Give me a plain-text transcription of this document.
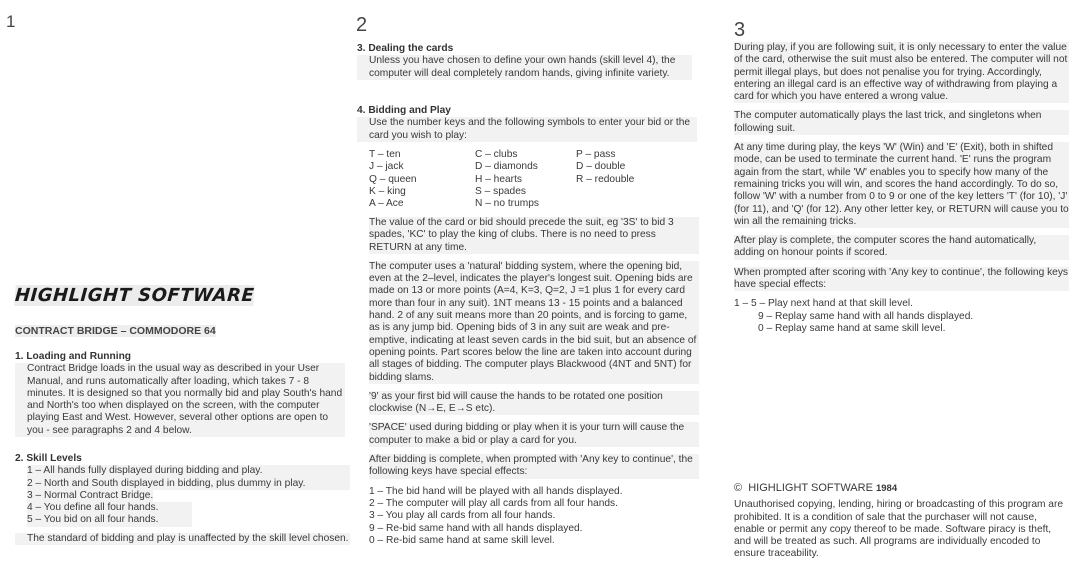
1
HIGHLIGHT SOFTWARE
CONTRACT BRIDGE – COMMODORE 64
1. Loading and Running

Contract Bridge loads in the usual way as described in your User Manual, and runs automatically after loading, which takes 7 - 8 minutes. It is designed so that you normally bid and play South's hand and North's too when displayed on the screen, with the computer playing East and West. However, several other options are open to you - see paragraphs 2 and 4 below.

2. Skill Levels
1 – All hands fully displayed during bidding and play.
2 – North and South displayed in bidding, plus dummy in play.
3 – Normal Contract Bridge.
4 – You define all four hands.
5 – You bid on all four hands.

The standard of bidding and play is unaffected by the skill level chosen.

2
3. Dealing the cards

Unless you have chosen to define your own hands (skill level 4), the computer will deal completely random hands, giving infinite variety.

4. Bidding and Play

Use the number keys and the following symbols to enter your bid or the card you wish to play:

T – ten
J – jack
Q – queen
K – king
A – Ace
C – clubs
D – diamonds
H – hearts
S – spades
N – no trumps
P – pass
D – double
R – redouble

The value of the card or bid should precede the suit, eg '3S' to bid 3 spades, 'KC' to play the king of clubs. There is no need to press RETURN at any time.

The computer uses a 'natural' bidding system, where the opening bid, even at the 2–level, indicates the player's longest suit. Opening bids are made on 13 or more points (A=4, K=3, Q=2, J =1 plus 1 for every card more than four in any suit). 1NT means 13 - 15 points and a balanced hand. 2 of any suit means more than 20 points, and is forcing to game, as is any jump bid. Opening bids of 3 in any suit are weak and pre-emptive, indicating at least seven cards in the bid suit, but an absence of opening points. Part scores below the line are taken into account during all stages of bidding. The computer plays Blackwood (4NT and 5NT) for bidding slams.

'9' as your first bid will cause the hands to be rotated one position clockwise (N→E, E→S etc).

'SPACE' used during bidding or play when it is your turn will cause the computer to make a bid or play a card for you.

After bidding is complete, when prompted with 'Any key to continue', the following keys have special effects:

1 – The bid hand will be played with all hands displayed.
2 – The computer will play all cards from all four hands.
3 – You play all cards from all four hands.
9 – Re-bid same hand with all hands displayed.
0 – Re-bid same hand at same skill level.
3

During play, if you are following suit, it is only necessary to enter the value of the card, otherwise the suit must also be entered. The computer will not permit illegal plays, but does not penalise you for trying. Accordingly, entering an illegal card is an effective way of withdrawing from playing a card for which you have entered a wrong value.

The computer automatically plays the last trick, and singletons when following suit.

At any time during play, the keys 'W' (Win) and 'E' (Exit), both in shifted mode, can be used to terminate the current hand. 'E' runs the program again from the start, while 'W' enables you to specify how many of the remaining tricks you will win, and scores the hand accordingly. To do so, follow 'W' with a number from 0 to 9 or one of the key letters 'T' (for 10), 'J' (for 11), and 'Q' (for 12). Any other letter key, or RETURN will cause you to win all the remaining tricks.

After play is complete, the computer scores the hand automatically, adding on honour points if scored.

When prompted after scoring with 'Any key to continue', the following keys have special effects:

1 – 5 – Play next hand at that skill level.
9 – Replay same hand with all hands displayed.
0 – Replay same hand at same skill level.
© HIGHLIGHT SOFTWARE 1984

Unauthorised copying, lending, hiring or broadcasting of this program are prohibited. It is a condition of sale that the purchaser will not cause, enable or permit any copy thereof to be made. Software piracy is theft, and will be treated as such. All programs are individually encoded to ensure traceability.
